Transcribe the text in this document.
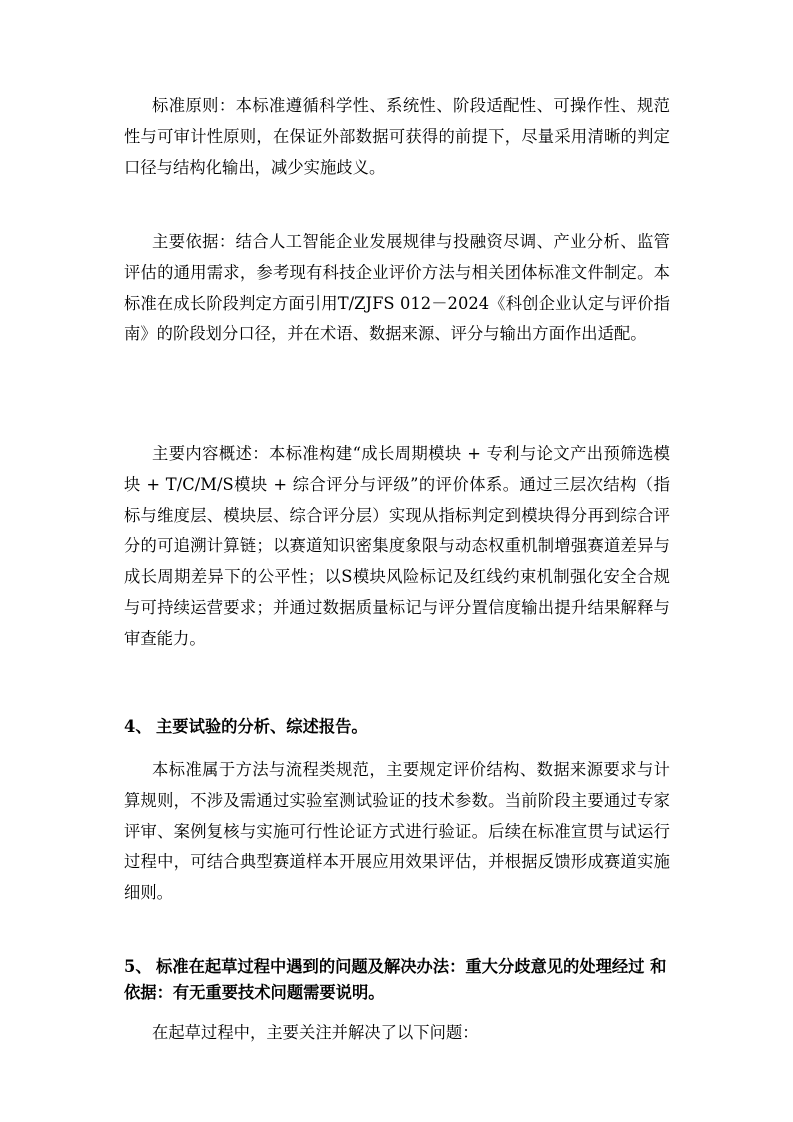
标准原则：本标准遵循科学性、系统性、阶段适配性、可操作性、规范性与可审计性原则，在保证外部数据可获得的前提下，尽量采用清晰的判定口径与结构化输出，减少实施歧义。

主要依据：结合人工智能企业发展规律与投融资尽调、产业分析、监管评估的通用需求，参考现有科技企业评价方法与相关团体标准文件制定。本标准在成长阶段判定方面引用T/ZJFS 012－2024《科创企业认定与评价指南》的阶段划分口径，并在术语、数据来源、评分与输出方面作出适配。

主要内容概述：本标准构建“成长周期模块 + 专利与论文产出预筛选模块 + T/C/M/S模块 + 综合评分与评级”的评价体系。通过三层次结构（指标与维度层、模块层、综合评分层）实现从指标判定到模块得分再到综合评分的可追溯计算链；以赛道知识密集度象限与动态权重机制增强赛道差异与成长周期差异下的公平性；以S模块风险标记及红线约束机制强化安全合规与可持续运营要求；并通过数据质量标记与评分置信度输出提升结果解释与审查能力。

4、 主要试验的分析、综述报告。

本标准属于方法与流程类规范，主要规定评价结构、数据来源要求与计算规则，不涉及需通过实验室测试验证的技术参数。当前阶段主要通过专家评审、案例复核与实施可行性论证方式进行验证。后续在标准宣贯与试运行过程中，可结合典型赛道样本开展应用效果评估，并根据反馈形成赛道实施细则。

5、 标准在起草过程中遇到的问题及解决办法：重大分歧意见的处理经过 和依据：有无重要技术问题需要说明。

在起草过程中，主要关注并解决了以下问题：
